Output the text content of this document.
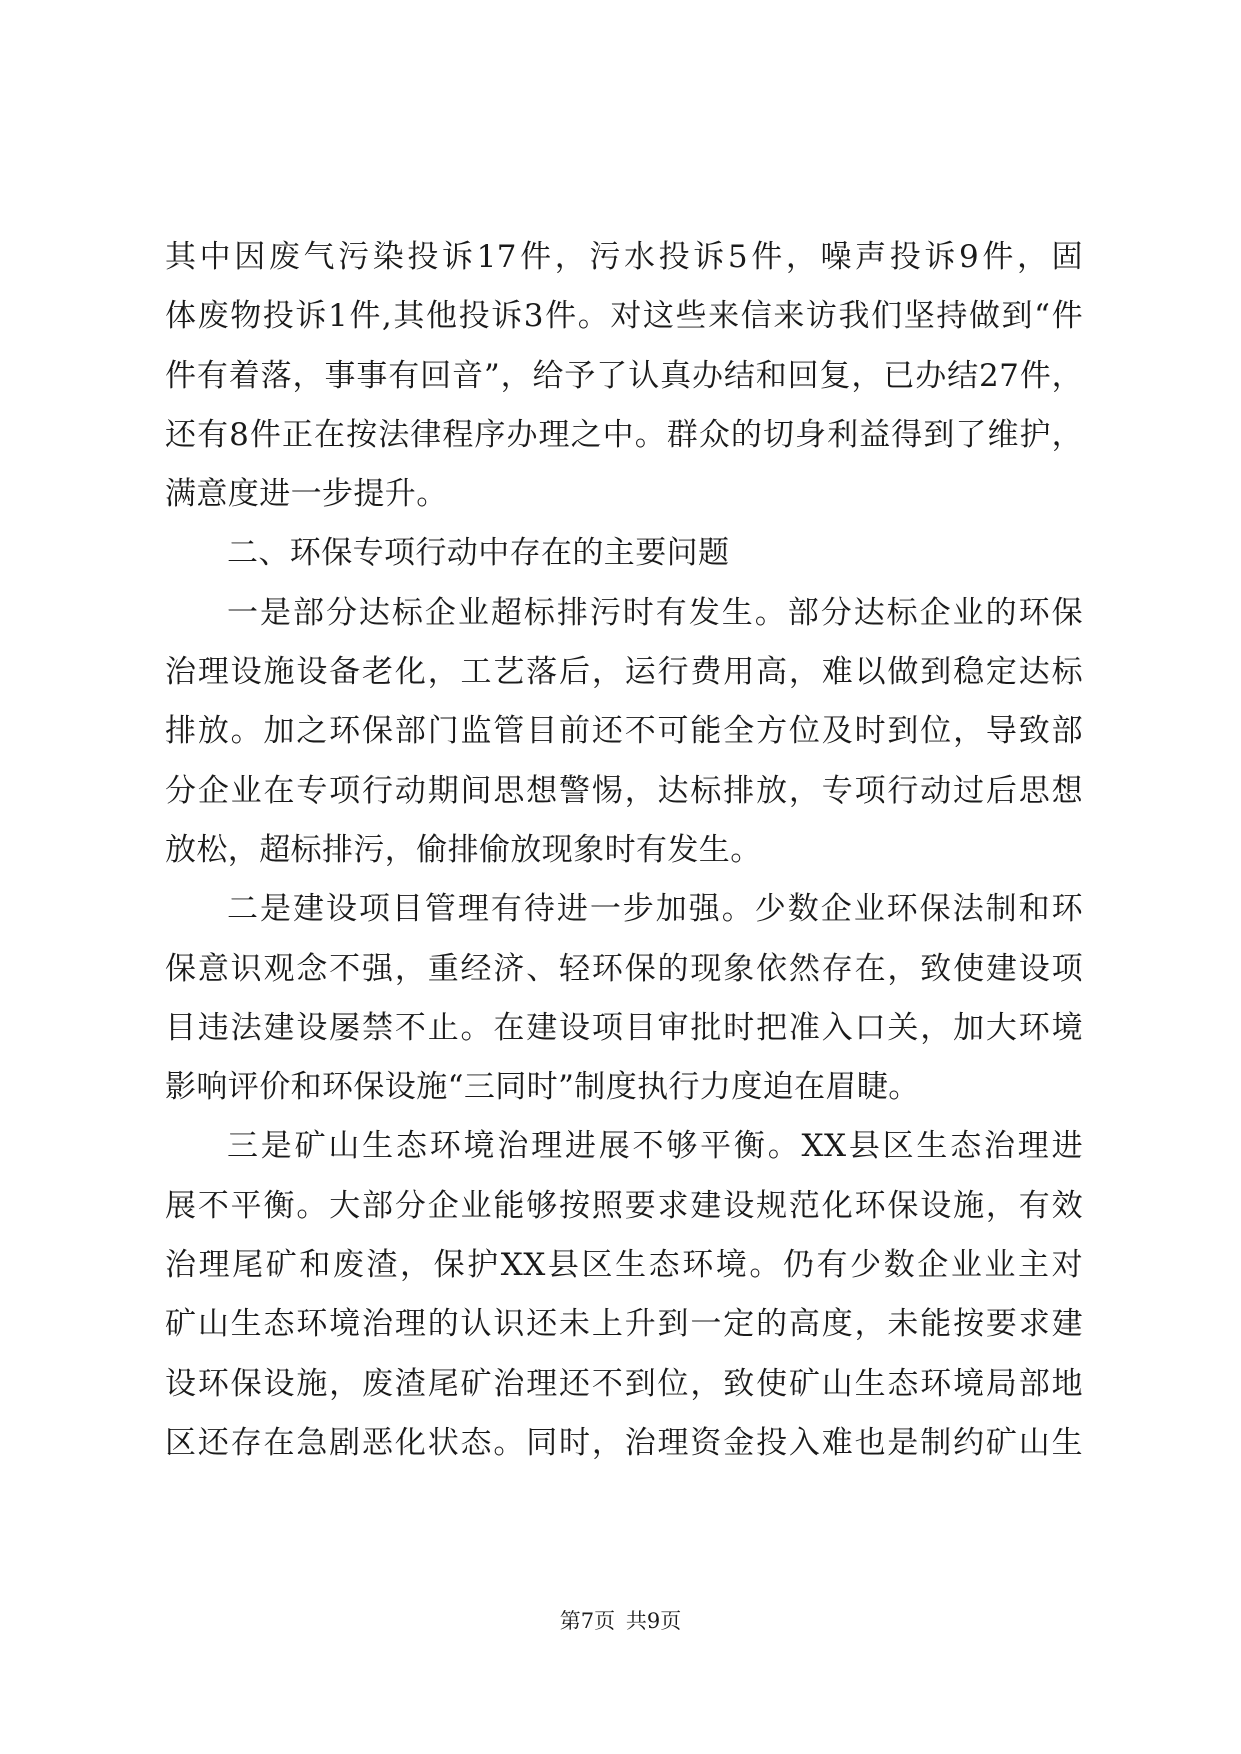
其中因废气污染投诉17件，污水投诉5件，噪声投诉9件，固
体废物投诉1件,其他投诉3件。对这些来信来访我们坚持做到“件
件有着落，事事有回音”，给予了认真办结和回复，已办结27件，
还有8件正在按法律程序办理之中。群众的切身利益得到了维护，
满意度进一步提升。
二、环保专项行动中存在的主要问题
一是部分达标企业超标排污时有发生。部分达标企业的环保
治理设施设备老化，工艺落后，运行费用高，难以做到稳定达标
排放。加之环保部门监管目前还不可能全方位及时到位，导致部
分企业在专项行动期间思想警惕，达标排放，专项行动过后思想
放松，超标排污，偷排偷放现象时有发生。
二是建设项目管理有待进一步加强。少数企业环保法制和环
保意识观念不强，重经济、轻环保的现象依然存在，致使建设项
目违法建设屡禁不止。在建设项目审批时把准入口关，加大环境
影响评价和环保设施“三同时”制度执行力度迫在眉睫。
三是矿山生态环境治理进展不够平衡。XX县区生态治理进
展不平衡。大部分企业能够按照要求建设规范化环保设施，有效
治理尾矿和废渣，保护XX县区生态环境。仍有少数企业业主对
矿山生态环境治理的认识还未上升到一定的高度，未能按要求建
设环保设施，废渣尾矿治理还不到位，致使矿山生态环境局部地
区还存在急剧恶化状态。同时，治理资金投入难也是制约矿山生
第7页 共9页
